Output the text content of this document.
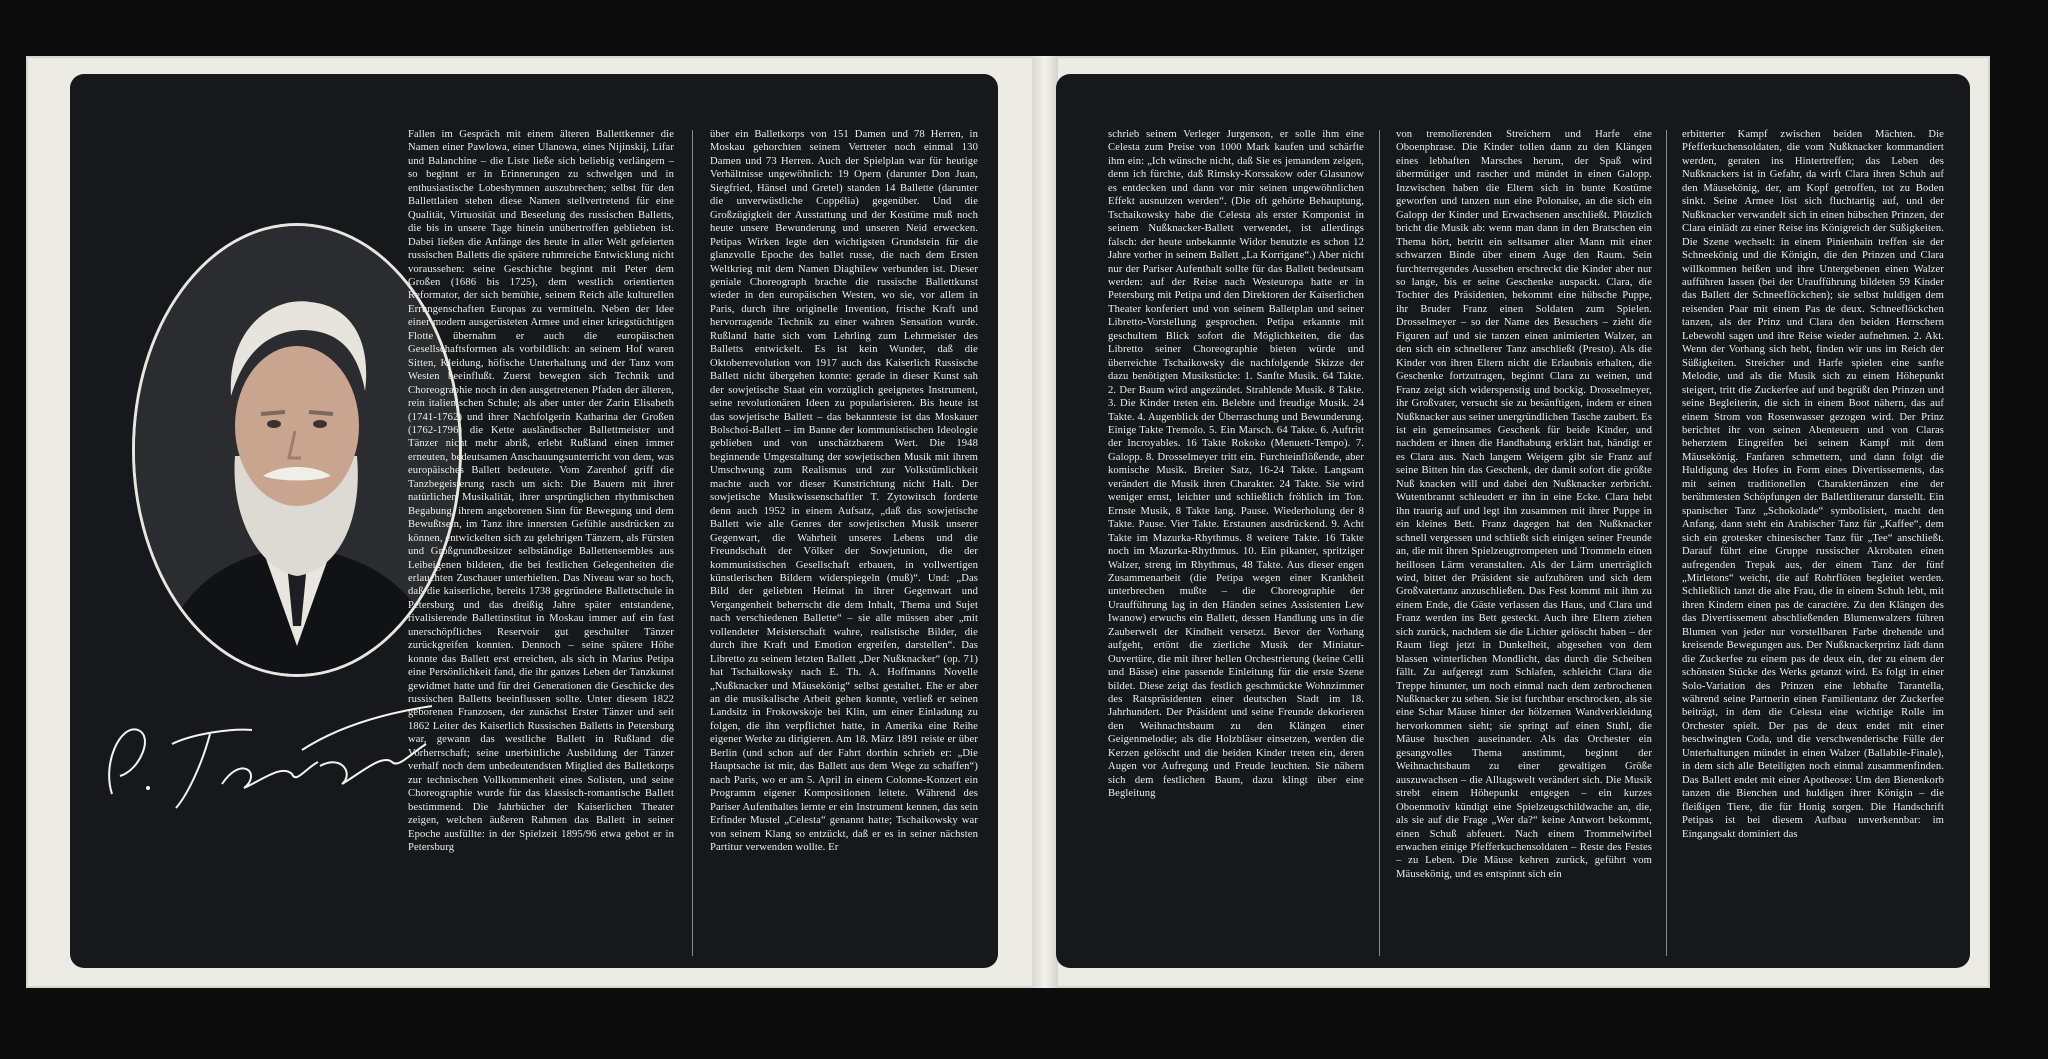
Fallen im Gespräch mit einem älteren Ballettkenner die Namen einer Pawlowa, einer Ulanowa, eines Nijinskij, Lifar und Balanchine – die Liste ließe sich beliebig verlängern – so beginnt er in Erinnerungen zu schwelgen und in enthusiastische Lobeshymnen auszubrechen; selbst für den Ballettlaien stehen diese Namen stellvertretend für eine Qualität, Virtuosität und Beseelung des russischen Balletts, die bis in unsere Tage hinein unübertroffen geblieben ist. Dabei ließen die Anfänge des heute in aller Welt gefeierten russischen Balletts die spätere ruhmreiche Entwicklung nicht voraussehen: seine Geschichte beginnt mit Peter dem Großen (1686 bis 1725), dem westlich orientierten Reformator, der sich bemühte, seinem Reich alle kulturellen Errungenschaften Europas zu vermitteln. Neben der Idee einer modern ausgerüsteten Armee und einer kriegstüchtigen Flotte übernahm er auch die europäischen Gesellschaftsformen als vorbildlich: an seinem Hof waren Sitten, Kleidung, höfische Unterhaltung und der Tanz vom Westen beeinflußt. Zuerst bewegten sich Technik und Choreographie noch in den ausgetretenen Pfaden der älteren, rein italienischen Schule; als aber unter der Zarin Elisabeth (1741-1762) und ihrer Nachfolgerin Katharina der Großen (1762-1796) die Kette ausländischer Ballettmeister und Tänzer nicht mehr abriß, erlebt Rußland einen immer erneuten, bedeutsamen Anschauungsunterricht von dem, was europäisches Ballett bedeutete. Vom Zarenhof griff die Tanzbegeisterung rasch um sich: Die Bauern mit ihrer natürlichen Musikalität, ihrer ursprünglichen rhythmischen Begabung, ihrem angeborenen Sinn für Bewegung und dem Bewußtsein, im Tanz ihre innersten Gefühle ausdrücken zu können, entwickelten sich zu gelehrigen Tänzern, als Fürsten und Großgrundbesitzer selbständige Ballettensembles aus Leibeigenen bildeten, die bei festlichen Gelegenheiten die erlauchten Zuschauer unterhielten. Das Niveau war so hoch, daß die kaiserliche, bereits 1738 gegründete Ballettschule in Petersburg und das dreißig Jahre später entstandene, rivalisierende Ballettinstitut in Moskau immer auf ein fast unerschöpfliches Reservoir gut geschulter Tänzer zurückgreifen konnten. Dennoch – seine spätere Höhe konnte das Ballett erst erreichen, als sich in Marius Petipa eine Persönlichkeit fand, die ihr ganzes Leben der Tanzkunst gewidmet hatte und für drei Generationen die Geschicke des russischen Balletts beeinflussen sollte. Unter diesem 1822 geborenen Franzosen, der zunächst Erster Tänzer und seit 1862 Leiter des Kaiserlich Russischen Balletts in Petersburg war, gewann das westliche Ballett in Rußland die Vorherrschaft; seine unerbittliche Ausbildung der Tänzer verhalf noch dem unbedeutendsten Mitglied des Balletkorps zur technischen Vollkommenheit eines Solisten, und seine Choreographie wurde für das klassisch-romantische Ballett bestimmend. Die Jahrbücher der Kaiserlichen Theater zeigen, welchen äußeren Rahmen das Ballett in seiner Epoche ausfüllte: in der Spielzeit 1895/96 etwa gebot er in Petersburg

über ein Balletkorps von 151 Damen und 78 Herren, in Moskau gehorchten seinem Vertreter noch einmal 130 Damen und 73 Herren. Auch der Spielplan war für heutige Verhältnisse ungewöhnlich: 19 Opern (darunter Don Juan, Siegfried, Hänsel und Gretel) standen 14 Ballette (darunter die unverwüstliche Coppélia) gegenüber. Und die Großzügigkeit der Ausstattung und der Kostüme muß noch heute unsere Bewunderung und unseren Neid erwecken. Petipas Wirken legte den wichtigsten Grundstein für die glanzvolle Epoche des ballet russe, die nach dem Ersten Weltkrieg mit dem Namen Diaghilew verbunden ist. Dieser geniale Choreograph brachte die russische Ballettkunst wieder in den europäischen Westen, wo sie, vor allem in Paris, durch ihre originelle Invention, frische Kraft und hervorragende Technik zu einer wahren Sensation wurde. Rußland hatte sich vom Lehrling zum Lehrmeister des Balletts entwickelt. Es ist kein Wunder, daß die Oktoberrevolution von 1917 auch das Kaiserlich Russische Ballett nicht übergehen konnte: gerade in dieser Kunst sah der sowjetische Staat ein vorzüglich geeignetes Instrument, seine revolutionären Ideen zu popularisieren. Bis heute ist das sowjetische Ballett – das bekannteste ist das Moskauer Bolschoi-Ballett – im Banne der kommunistischen Ideologie geblieben und von unschätzbarem Wert. Die 1948 beginnende Umgestaltung der sowjetischen Musik mit ihrem Umschwung zum Realismus und zur Volkstümlichkeit machte auch vor dieser Kunstrichtung nicht Halt. Der sowjetische Musikwissenschaftler T. Zytowitsch forderte denn auch 1952 in einem Aufsatz, „daß das sowjetische Ballett wie alle Genres der sowjetischen Musik unserer Gegenwart, die Wahrheit unseres Lebens und die Freundschaft der Völker der Sowjetunion, die der kommunistischen Gesellschaft erbauen, in vollwertigen künstlerischen Bildern widerspiegeln (muß)“. Und: „Das Bild der geliebten Heimat in ihrer Gegenwart und Vergangenheit beherrscht die dem Inhalt, Thema und Sujet nach verschiedenen Ballette“ – sie alle müssen aber „mit vollendeter Meisterschaft wahre, realistische Bilder, die durch ihre Kraft und Emotion ergreifen, darstellen“. Das Libretto zu seinem letzten Ballett „Der Nußknacker“ (op. 71) hat Tschaikowsky nach E. Th. A. Hoffmanns Novelle „Nußknacker und Mäusekönig“ selbst gestaltet. Ehe er aber an die musikalische Arbeit gehen konnte, verließ er seinen Landsitz in Frokowskoje bei Klin, um einer Einladung zu folgen, die ihn verpflichtet hatte, in Amerika eine Reihe eigener Werke zu dirigieren. Am 18. März 1891 reiste er über Berlin (und schon auf der Fahrt dorthin schrieb er: „Die Hauptsache ist mir, das Ballett aus dem Wege zu schaffen“) nach Paris, wo er am 5. April in einem Colonne-Konzert ein Programm eigener Kompositionen leitete. Während des Pariser Aufenthaltes lernte er ein Instrument kennen, das sein Erfinder Mustel „Celesta“ genannt hatte; Tschaikowsky war von seinem Klang so entzückt, daß er es in seiner nächsten Partitur verwenden wollte. Er

schrieb seinem Verleger Jurgenson, er solle ihm eine Celesta zum Preise von 1000 Mark kaufen und schärfte ihm ein: „Ich wünsche nicht, daß Sie es jemandem zeigen, denn ich fürchte, daß Rimsky-Korssakow oder Glasunow es entdecken und dann vor mir seinen ungewöhnlichen Effekt ausnutzen werden“. (Die oft gehörte Behauptung, Tschaikowsky habe die Celesta als erster Komponist in seinem Nußknacker-Ballett verwendet, ist allerdings falsch: der heute unbekannte Widor benutzte es schon 12 Jahre vorher in seinem Ballett „La Korrigane“.) Aber nicht nur der Pariser Aufenthalt sollte für das Ballett bedeutsam werden: auf der Reise nach Westeuropa hatte er in Petersburg mit Petipa und den Direktoren der Kaiserlichen Theater konferiert und von seinem Balletplan und seiner Libretto-Vorstellung gesprochen. Petipa erkannte mit geschultem Blick sofort die Möglichkeiten, die das Libretto seiner Choreographie bieten würde und überreichte Tschaikowsky die nachfolgende Skizze der dazu benötigten Musikstücke: 1. Sanfte Musik. 64 Takte. 2. Der Baum wird angezündet. Strahlende Musik. 8 Takte. 3. Die Kinder treten ein. Belebte und freudige Musik. 24 Takte. 4. Augenblick der Überraschung und Bewunderung. Einige Takte Tremolo. 5. Ein Marsch. 64 Takte. 6. Auftritt der Incroyables. 16 Takte Rokoko (Menuett-Tempo). 7. Galopp. 8. Drosselmeyer tritt ein. Furchteinflößende, aber komische Musik. Breiter Satz, 16-24 Takte. Langsam verändert die Musik ihren Charakter. 24 Takte. Sie wird weniger ernst, leichter und schließlich fröhlich im Ton. Ernste Musik, 8 Takte lang. Pause. Wiederholung der 8 Takte. Pause. Vier Takte. Erstaunen ausdrückend. 9. Acht Takte im Mazurka-Rhythmus. 8 weitere Takte. 16 Takte noch im Mazurka-Rhythmus. 10. Ein pikanter, spritziger Walzer, streng im Rhythmus, 48 Takte. Aus dieser engen Zusammenarbeit (die Petipa wegen einer Krankheit unterbrechen mußte – die Choreographie der Uraufführung lag in den Händen seines Assistenten Lew Iwanow) erwuchs ein Ballett, dessen Handlung uns in die Zauberwelt der Kindheit versetzt. Bevor der Vorhang aufgeht, ertönt die zierliche Musik der Miniatur-Ouvertüre, die mit ihrer hellen Orchestrierung (keine Celli und Bässe) eine passende Einleitung für die erste Szene bildet. Diese zeigt das festlich geschmückte Wohnzimmer des Ratspräsidenten einer deutschen Stadt im 18. Jahrhundert. Der Präsident und seine Freunde dekorieren den Weihnachtsbaum zu den Klängen einer Geigenmelodie; als die Holzbläser einsetzen, werden die Kerzen gelöscht und die beiden Kinder treten ein, deren Augen vor Aufregung und Freude leuchten. Sie nähern sich dem festlichen Baum, dazu klingt über eine Begleitung

von tremolierenden Streichern und Harfe eine Oboenphrase. Die Kinder tollen dann zu den Klängen eines lebhaften Marsches herum, der Spaß wird übermütiger und rascher und mündet in einen Galopp. Inzwischen haben die Eltern sich in bunte Kostüme geworfen und tanzen nun eine Polonaise, an die sich ein Galopp der Kinder und Erwachsenen anschließt. Plötzlich bricht die Musik ab: wenn man dann in den Bratschen ein Thema hört, betritt ein seltsamer alter Mann mit einer schwarzen Binde über einem Auge den Raum. Sein furchterregendes Aussehen erschreckt die Kinder aber nur so lange, bis er seine Geschenke auspackt. Clara, die Tochter des Präsidenten, bekommt eine hübsche Puppe, ihr Bruder Franz einen Soldaten zum Spielen. Drosselmeyer – so der Name des Besuchers – zieht die Figuren auf und sie tanzen einen animierten Walzer, an den sich ein schnellerer Tanz anschließt (Presto). Als die Kinder von ihren Eltern nicht die Erlaubnis erhalten, die Geschenke fortzutragen, beginnt Clara zu weinen, und Franz zeigt sich widerspenstig und bockig. Drosselmeyer, ihr Großvater, versucht sie zu besänftigen, indem er einen Nußknacker aus seiner unergründlichen Tasche zaubert. Es ist ein gemeinsames Geschenk für beide Kinder, und nachdem er ihnen die Handhabung erklärt hat, händigt er es Clara aus. Nach langem Weigern gibt sie Franz auf seine Bitten hin das Geschenk, der damit sofort die größte Nuß knacken will und dabei den Nußknacker zerbricht. Wutentbrannt schleudert er ihn in eine Ecke. Clara hebt ihn traurig auf und legt ihn zusammen mit ihrer Puppe in ein kleines Bett. Franz dagegen hat den Nußknacker schnell vergessen und schließt sich einigen seiner Freunde an, die mit ihren Spielzeugtrompeten und Trommeln einen heillosen Lärm veranstalten. Als der Lärm unerträglich wird, bittet der Präsident sie aufzuhören und sich dem Großvatertanz anzuschließen. Das Fest kommt mit ihm zu einem Ende, die Gäste verlassen das Haus, und Clara und Franz werden ins Bett gesteckt. Auch ihre Eltern ziehen sich zurück, nachdem sie die Lichter gelöscht haben – der Raum liegt jetzt in Dunkelheit, abgesehen von dem blassen winterlichen Mondlicht, das durch die Scheiben fällt. Zu aufgeregt zum Schlafen, schleicht Clara die Treppe hinunter, um noch einmal nach dem zerbrochenen Nußknacker zu sehen. Sie ist furchtbar erschrocken, als sie eine Schar Mäuse hinter der hölzernen Wandverkleidung hervorkommen sieht; sie springt auf einen Stuhl, die Mäuse huschen auseinander. Als das Orchester ein gesangvolles Thema anstimmt, beginnt der Weihnachtsbaum zu einer gewaltigen Größe auszuwachsen – die Alltagswelt verändert sich. Die Musik strebt einem Höhepunkt entgegen – ein kurzes Oboenmotiv kündigt eine Spielzeugschildwache an, die, als sie auf die Frage „Wer da?“ keine Antwort bekommt, einen Schuß abfeuert. Nach einem Trommelwirbel erwachen einige Pfefferkuchensoldaten – Reste des Festes – zu Leben. Die Mäuse kehren zurück, geführt vom Mäusekönig, und es entspinnt sich ein

erbitterter Kampf zwischen beiden Mächten. Die Pfefferkuchensoldaten, die vom Nußknacker kommandiert werden, geraten ins Hintertreffen; das Leben des Nußknackers ist in Gefahr, da wirft Clara ihren Schuh auf den Mäusekönig, der, am Kopf getroffen, tot zu Boden sinkt. Seine Armee löst sich fluchtartig auf, und der Nußknacker verwandelt sich in einen hübschen Prinzen, der Clara einlädt zu einer Reise ins Königreich der Süßigkeiten. Die Szene wechselt: in einem Pinienhain treffen sie der Schneekönig und die Königin, die den Prinzen und Clara willkommen heißen und ihre Untergebenen einen Walzer aufführen lassen (bei der Uraufführung bildeten 59 Kinder das Ballett der Schneeflöckchen); sie selbst huldigen dem reisenden Paar mit einem Pas de deux. Schneeflöckchen tanzen, als der Prinz und Clara den beiden Herrschern Lebewohl sagen und ihre Reise wieder aufnehmen. 2. Akt. Wenn der Vorhang sich hebt, finden wir uns im Reich der Süßigkeiten. Streicher und Harfe spielen eine sanfte Melodie, und als die Musik sich zu einem Höhepunkt steigert, tritt die Zuckerfee auf und begrüßt den Prinzen und seine Begleiterin, die sich in einem Boot nähern, das auf einem Strom von Rosenwasser gezogen wird. Der Prinz berichtet ihr von seinen Abenteuern und von Claras beherztem Eingreifen bei seinem Kampf mit dem Mäusekönig. Fanfaren schmettern, und dann folgt die Huldigung des Hofes in Form eines Divertissements, das mit seinen traditionellen Charaktertänzen eine der berühmtesten Schöpfungen der Ballettliteratur darstellt. Ein spanischer Tanz „Schokolade“ symbolisiert, macht den Anfang, dann steht ein Arabischer Tanz für „Kaffee“, dem sich ein grotesker chinesischer Tanz für „Tee“ anschließt. Darauf führt eine Gruppe russischer Akrobaten einen aufregenden Trepak aus, der einem Tanz der fünf „Mirletons“ weicht, die auf Rohrflöten begleitet werden. Schließlich tanzt die alte Frau, die in einem Schuh lebt, mit ihren Kindern einen pas de caractère. Zu den Klängen des das Divertissement abschließenden Blumenwalzers führen Blumen von jeder nur vorstellbaren Farbe drehende und kreisende Bewegungen aus. Der Nußknackerprinz lädt dann die Zuckerfee zu einem pas de deux ein, der zu einem der schönsten Stücke des Werks getanzt wird. Es folgt in einer Solo-Variation des Prinzen eine lebhafte Tarantella, während seine Partnerin einen Familientanz der Zuckerfee beiträgt, in dem die Celesta eine wichtige Rolle im Orchester spielt. Der pas de deux endet mit einer beschwingten Coda, und die verschwenderische Fülle der Unterhaltungen mündet in einen Walzer (Ballabile-Finale), in dem sich alle Beteiligten noch einmal zusammenfinden. Das Ballett endet mit einer Apotheose: Um den Bienenkorb tanzen die Bienchen und huldigen ihrer Königin – die fleißigen Tiere, die für Honig sorgen. Die Handschrift Petipas ist bei diesem Aufbau unverkennbar: im Eingangsakt dominiert das
